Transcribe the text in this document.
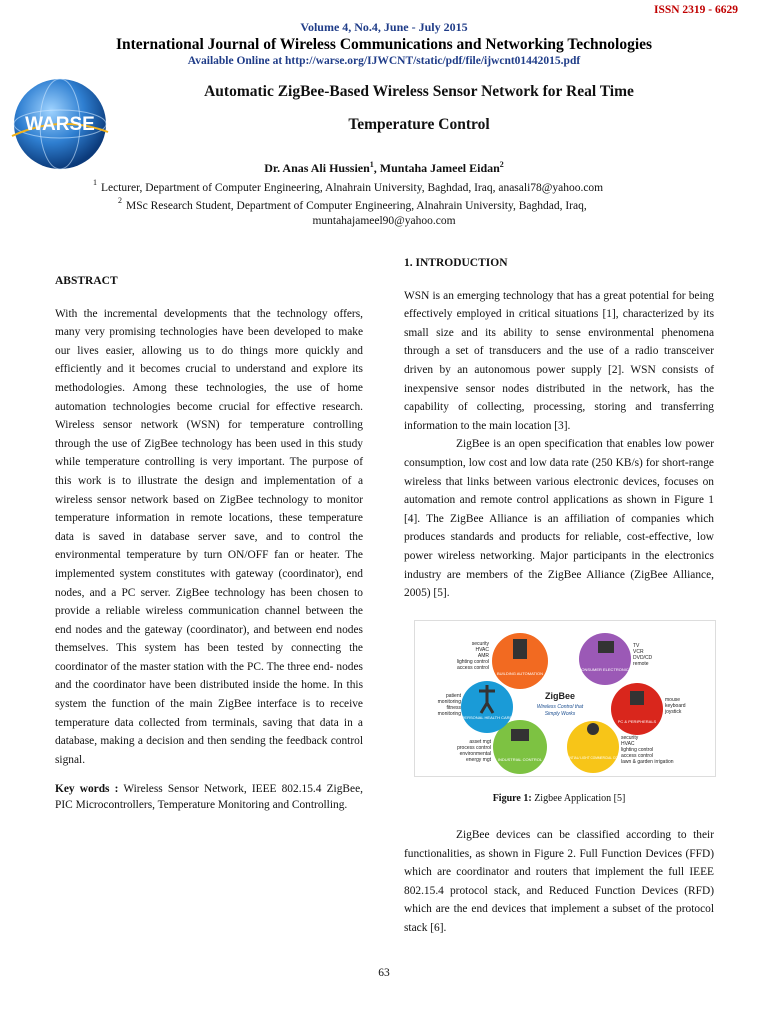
ISSN 2319 - 6629
Volume 4, No.4, June - July 2015
International Journal of Wireless Communications and Networking Technologies
Available Online at http://warse.org/IJWCNT/static/pdf/file/ijwcnt01442015.pdf
WARSE
Automatic ZigBee-Based Wireless Sensor Network for Real Time
Temperature Control
Dr. Anas Ali Hussien$^1$, Muntaha Jameel Eidan$^2$
$^1$ Lecturer, Department of Computer Engineering, Alnahrain University, Baghdad, Iraq, anasali78@yahoo.com
$^2$ MSc Research Student, Department of Computer Engineering, Alnahrain University, Baghdad, Iraq,
muntahajameel90@yahoo.com
ABSTRACT

With the incremental developments that the technology offers, many very promising technologies have been developed to make our lives easier, allowing us to do things more quickly and efficiently and it becomes crucial to understand and explore its methodologies. Among these technologies, the use of home automation technologies become crucial for effective research. Wireless sensor network (WSN) for temperature controlling through the use of ZigBee technology has been used in this study while temperature controlling is very important. The purpose of this work is to illustrate the design and implementation of a wireless sensor network based on ZigBee technology to monitor temperature information in remote locations, these temperature data is saved in database server save, and to control the environmental temperature by turn ON/OFF fan or heater. The implemented system constitutes with gateway (coordinator), end nodes, and a PC server. ZigBee technology has been chosen to provide a reliable wireless communication channel between the end nodes and the gateway (coordinator), and between end nodes themselves. This system has been tested by connecting the coordinator of the master station with the PC. The three end- nodes and the coordinator have been distributed inside the home. In this system the function of the main ZigBee interface is to receive temperature data collected from terminals, saving that data in a database, making a decision and then sending the feedback control signal.

Key words : Wireless Sensor Network, IEEE 802.15.4 ZigBee, PIC Microcontrollers, Temperature Monitoring and Controlling.

1. INTRODUCTION

WSN is an emerging technology that has a great potential for being effectively employed in critical situations [1], characterized by its small size and its ability to sense environmental phenomena through a set of transducers and the use of a radio transceiver driven by an autonomous power supply [2]. WSN consists of inexpensive sensor nodes distributed in the network, has the capability of collecting, processing, storing and transferring information to the main location [3].

ZigBee is an open specification that enables low power consumption, low cost and low data rate (250 KB/s) for short-range wireless that links between various electronic devices, focuses on automation and remote control applications as shown in Figure 1 [4]. The ZigBee Alliance is an affiliation of companies which produces standards and products for reliable, cost-effective, low power wireless networking. Major participants in the electronics industry are members of the ZigBee Alliance (ZigBee Alliance, 2005) [5].

BUILDING AUTOMATION
CONSUMER ELECTRONICS
PC & PERIPHERALS
RESIDENTIAL/ LIGHT COMMERCIAL CONTROL
INDUSTRIAL CONTROL
PERSONAL HEALTH CARE
ZigBee
Wireless Control that
Simply Works
security
HVAC
AMR
lighting control
access control
patient
monitoring
fitness
monitoring
asset mgt
process control
environmental
energy mgt
TV
VCR
DVD/CD
remote
mouse
keyboard
joystick
security
HVAC
lighting control
access control
lawn & garden irrigation
Figure 1: Zigbee Application [5]

ZigBee devices can be classified according to their functionalities, as shown in Figure 2. Full Function Devices (FFD) which are coordinator and routers that implement the full IEEE 802.15.4 protocol stack, and Reduced Function Devices (RFD) which are the end devices that implement a subset of the protocol stack [6].

63
